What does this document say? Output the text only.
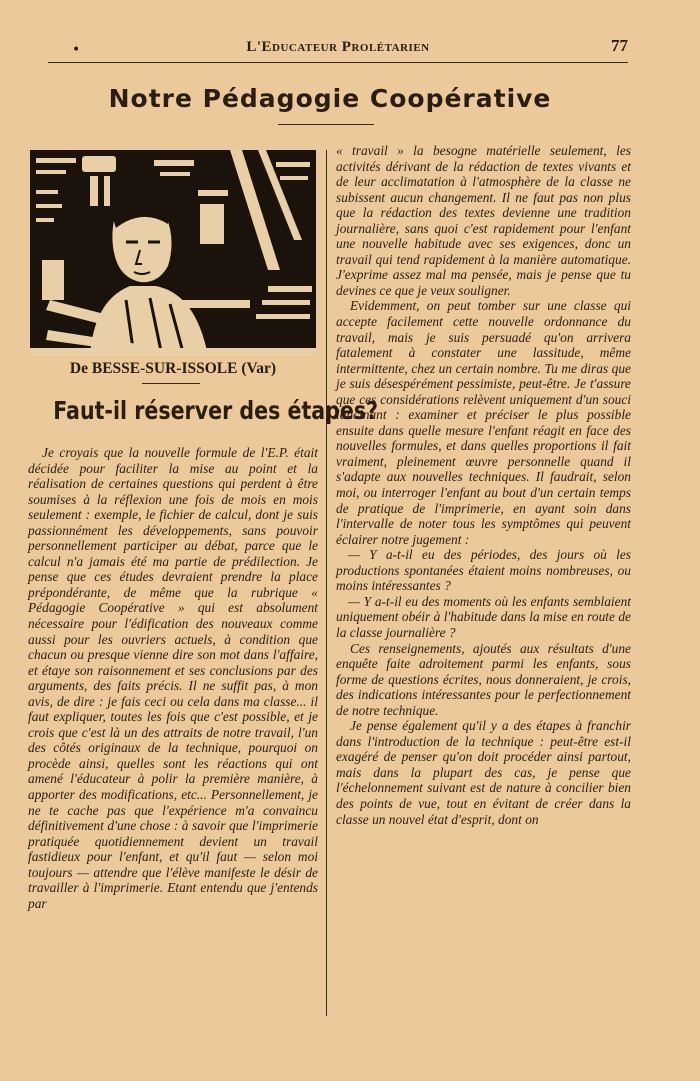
•	L'Educateur Prolétarien	77
Notre Pédagogie Coopérative
De BESSE-SUR-ISSOLE (Var)
Faut-il réserver des étapes?

Je croyais que la nouvelle formule de l'E.P. était décidée pour faciliter la mise au point et la réalisation de certaines questions qui perdent à être soumises à la réflexion une fois de mois en mois seulement : exemple, le fichier de calcul, dont je suis passionnément les développements, sans pouvoir personnellement participer au débat, parce que le calcul n'a jamais été ma partie de prédilection. Je pense que ces études devraient prendre la place prépondérante, de même que la rubrique « Pédagogie Coopérative » qui est absolument nécessaire pour l'édification des nouveaux comme aussi pour les ouvriers actuels, à condition que chacun ou presque vienne dire son mot dans l'affaire, et étaye son raisonnement et ses conclusions par des arguments, des faits précis. Il ne suffit pas, à mon avis, de dire : je fais ceci ou cela dans ma classe... il faut expliquer, toutes les fois que c'est possible, et je crois que c'est là un des attraits de notre travail, l'un des côtés originaux de la technique, pourquoi on procède ainsi, quelles sont les réactions qui ont amené l'éducateur à polir la première manière, à apporter des modifications, etc... Personnellement, je ne te cache pas que l'expérience m'a convaincu définitivement d'une chose : à savoir que l'imprimerie pratiquée quotidiennement devient un travail fastidieux pour l'enfant, et qu'il faut — selon moi toujours — attendre que l'élève manifeste le désir de travailler à l'imprimerie. Etant entendu que j'entends par

« travail » la besogne matérielle seulement, les activités dérivant de la rédaction de textes vivants et de leur acclimatation à l'atmosphère de la classe ne subissent aucun changement. Il ne faut pas non plus que la rédaction des textes devienne une tradition journalière, sans quoi c'est rapidement pour l'enfant une nouvelle habitude avec ses exigences, donc un travail qui tend rapidement à la manière automatique. J'exprime assez mal ma pensée, mais je pense que tu devines ce que je veux souligner.

Evidemment, on peut tomber sur une classe qui accepte facilement cette nouvelle ordonnance du travail, mais je suis persuadé qu'on arrivera fatalement à constater une lassitude, même intermittente, chez un certain nombre. Tu me diras que je suis désespérément pessimiste, peut-être. Je t'assure que ces considérations relèvent uniquement d'un souci lancinant : examiner et préciser le plus possible ensuite dans quelle mesure l'enfant réagit en face des nouvelles formules, et dans quelles proportions il fait vraiment, pleinement œuvre personnelle quand il s'adapte aux nouvelles techniques. Il faudrait, selon moi, ou interroger l'enfant au bout d'un certain temps de pratique de l'imprimerie, en ayant soin dans l'intervalle de noter tous les symptômes qui peuvent éclairer notre jugement :

— Y a-t-il eu des périodes, des jours où les productions spontanées étaient moins nombreuses, ou moins intéressantes ?

— Y a-t-il eu des moments où les enfants semblaient uniquement obéir à l'habitude dans la mise en route de la classe journalière ?

Ces renseignements, ajoutés aux résultats d'une enquête faite adroitement parmi les enfants, sous forme de questions écrites, nous donneraient, je crois, des indications intéressantes pour le perfectionnement de notre technique.

Je pense également qu'il y a des étapes à franchir dans l'introduction de la technique : peut-être est-il exagéré de penser qu'on doit procéder ainsi partout, mais dans la plupart des cas, je pense que l'échelonnement suivant est de nature à concilier bien des points de vue, tout en évitant de créer dans la classe un nouvel état d'esprit, dont on
